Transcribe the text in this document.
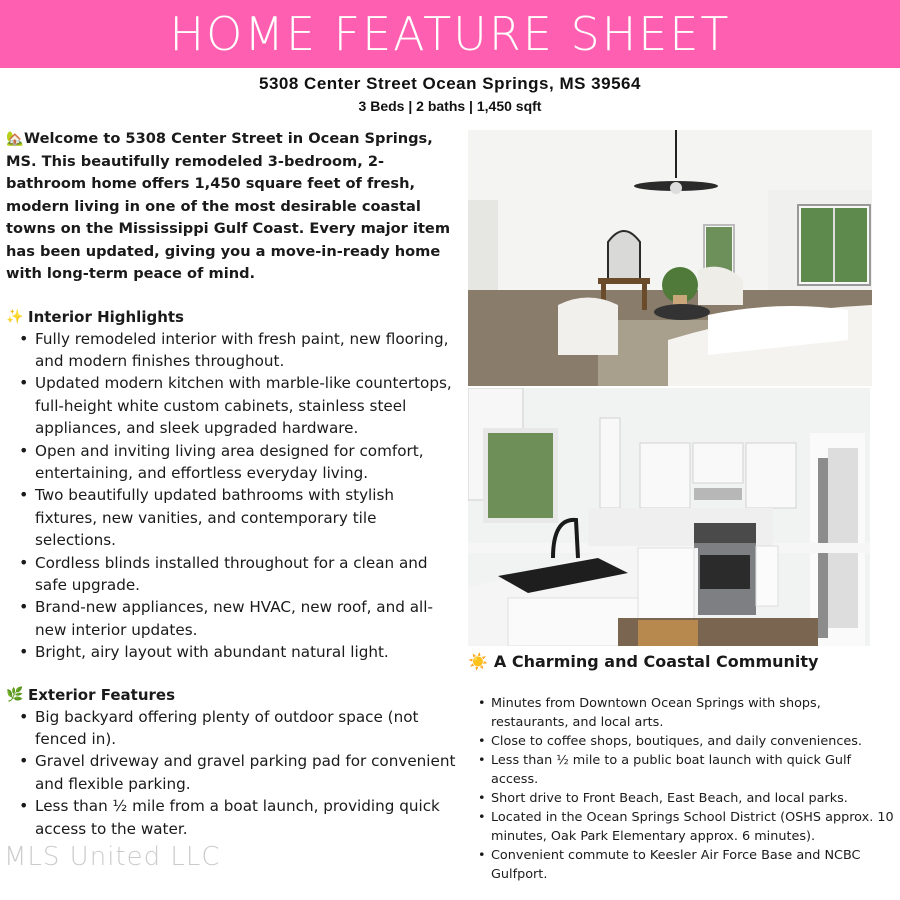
HOME FEATURE SHEET
5308 Center Street Ocean Springs, MS 39564
3 Beds | 2 baths | 1,450 sqft

🏡Welcome to 5308 Center Street in Ocean Springs, MS. This beautifully remodeled 3-bedroom, 2-bathroom home offers 1,450 square feet of fresh, modern living in one of the most desirable coastal towns on the Mississippi Gulf Coast. Every major item has been updated, giving you a move-in-ready home with long-term peace of mind.

✨ Interior Highlights
• Fully remodeled interior with fresh paint, new flooring, and modern finishes throughout.
• Updated modern kitchen with marble-like countertops, full-height white custom cabinets, stainless steel appliances, and sleek upgraded hardware.
• Open and inviting living area designed for comfort, entertaining, and effortless everyday living.
• Two beautifully updated bathrooms with stylish fixtures, new vanities, and contemporary tile selections.
• Cordless blinds installed throughout for a clean and safe upgrade.
• Brand-new appliances, new HVAC, new roof, and all-new interior updates.
• Bright, airy layout with abundant natural light.
🌿 Exterior Features
• Big backyard offering plenty of outdoor space (not fenced in).
• Gravel driveway and gravel parking pad for convenient and flexible parking.
• Less than ½ mile from a boat launch, providing quick access to the water.
☀️ A Charming and Coastal Community
• Minutes from Downtown Ocean Springs with shops, restaurants, and local arts.
• Close to coffee shops, boutiques, and daily conveniences.
• Less than ½ mile to a public boat launch with quick Gulf access.
• Short drive to Front Beach, East Beach, and local parks.
• Located in the Ocean Springs School District (OSHS approx. 10 minutes, Oak Park Elementary approx. 6 minutes).
• Convenient commute to Keesler Air Force Base and NCBC Gulfport.
MLS United LLC
